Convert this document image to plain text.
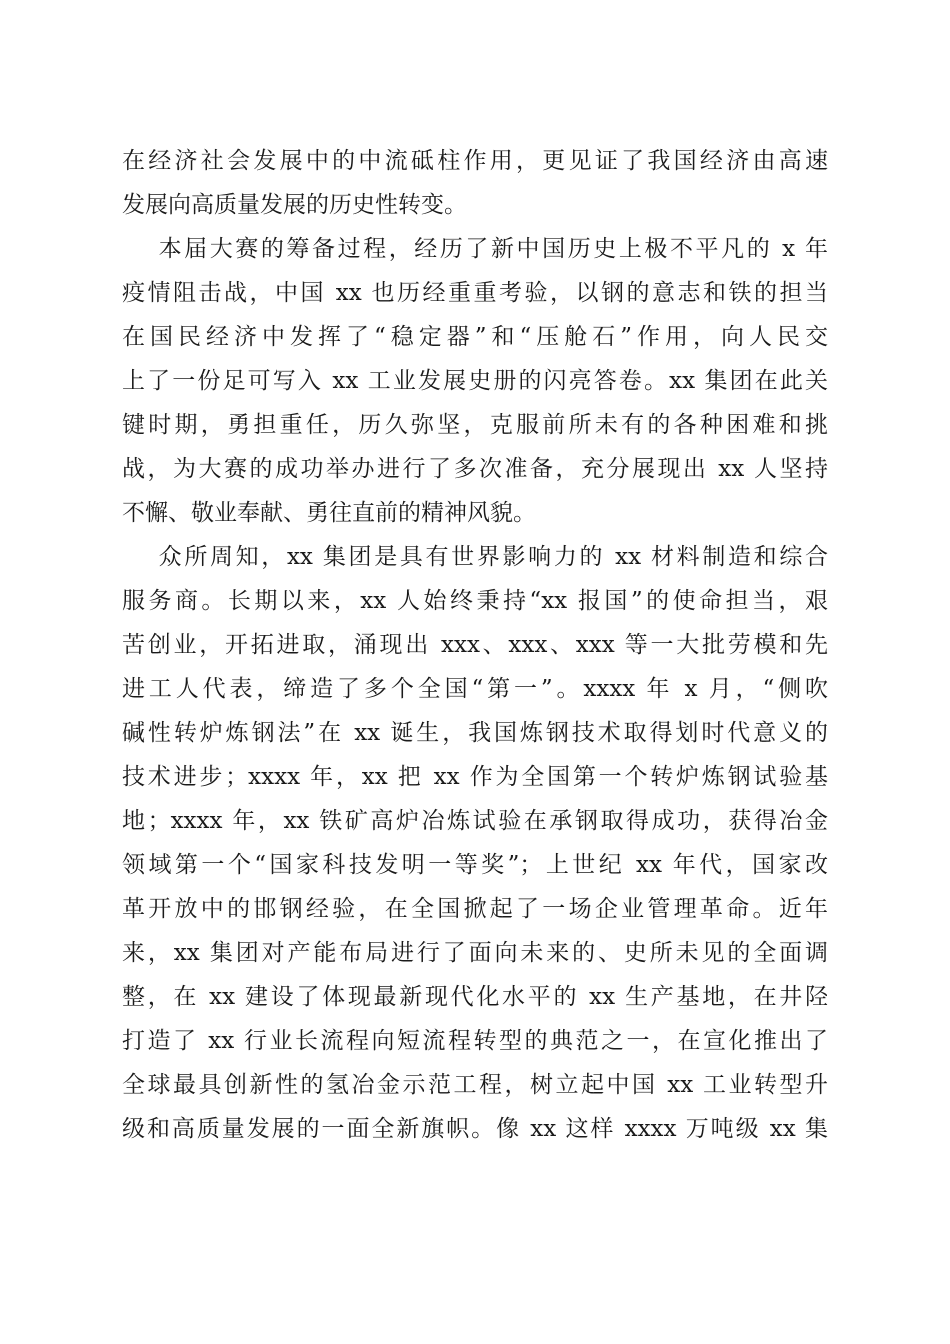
在经济社会发展中的中流砥柱作用，更见证了我国经济由高速
发展向高质量发展的历史性转变。
本届大赛的筹备过程，经历了新中国历史上极不平凡的 x 年
疫情阻击战，中国 xx 也历经重重考验，以钢的意志和铁的担当
在国民经济中发挥了“稳定器”和“压舱石”作用，向人民交
上了一份足可写入 xx 工业发展史册的闪亮答卷。xx 集团在此关
键时期，勇担重任，历久弥坚，克服前所未有的各种困难和挑
战，为大赛的成功举办进行了多次准备，充分展现出 xx 人坚持
不懈、敬业奉献、勇往直前的精神风貌。
众所周知，xx 集团是具有世界影响力的 xx 材料制造和综合
服务商。长期以来，xx 人始终秉持“xx 报国”的使命担当，艰
苦创业，开拓进取，涌现出 xxx、xxx、xxx 等一大批劳模和先
进工人代表，缔造了多个全国“第一”。xxxx 年 x 月，“侧吹
碱性转炉炼钢法”在 xx 诞生，我国炼钢技术取得划时代意义的
技术进步；xxxx 年，xx 把 xx 作为全国第一个转炉炼钢试验基
地；xxxx 年，xx 铁矿高炉冶炼试验在承钢取得成功，获得冶金
领域第一个“国家科技发明一等奖”；上世纪 xx 年代，国家改
革开放中的邯钢经验，在全国掀起了一场企业管理革命。近年
来，xx 集团对产能布局进行了面向未来的、史所未见的全面调
整，在 xx 建设了体现最新现代化水平的 xx 生产基地，在井陉
打造了 xx 行业长流程向短流程转型的典范之一，在宣化推出了
全球最具创新性的氢冶金示范工程，树立起中国 xx 工业转型升
级和高质量发展的一面全新旗帜。像 xx 这样 xxxx 万吨级 xx 集
